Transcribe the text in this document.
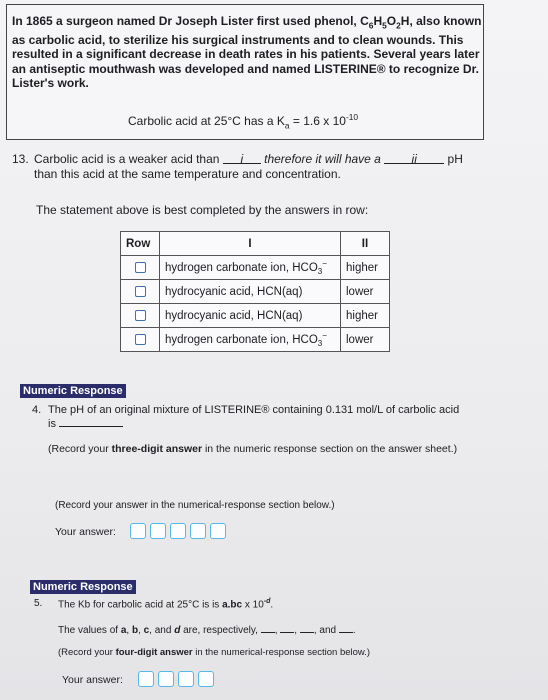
In 1865 a surgeon named Dr Joseph Lister first used phenol, $C_6H_5O_2H$, also known as carbolic acid, to sterilize his surgical instruments and to clean wounds. This resulted in a significant decrease in death rates in his patients. Several years later an antiseptic mouthwash was developed and named LISTERINE® to recognize Dr. Lister's work.
Carbolic acid at 25°C has a $K_a = 1.6$ x $10^{-10}$
13. Carbolic acid is a weaker acid than i therefore it will have a	ii	pH
than this acid at the same temperature and concentration.
The statement above is best completed by the answers in row:
Row	I	II
	hydrogen carbonate ion, $HCO_3^-$	higher
	hydrocyanic acid, HCN(aq)	lower
	hydrocyanic acid, HCN(aq)	higher
	hydrogen carbonate ion, $HCO_3^-$	lower
Numeric Response
4. The pH of an original mixture of LISTERINE® containing 0.131 mol/L of carbolic acid is
(Record your three-digit answer in the numeric response section on the answer sheet.)
(Record your answer in the numerical-response section below.)
Your answer:
Numeric Response
5. The Kb for carbolic acid at 25°C is is a.bc x $10^{-d}$.
The values of a, b, c, and d are, respectively, , , , and .
(Record your four-digit answer in the numerical-response section below.)
Your answer:
